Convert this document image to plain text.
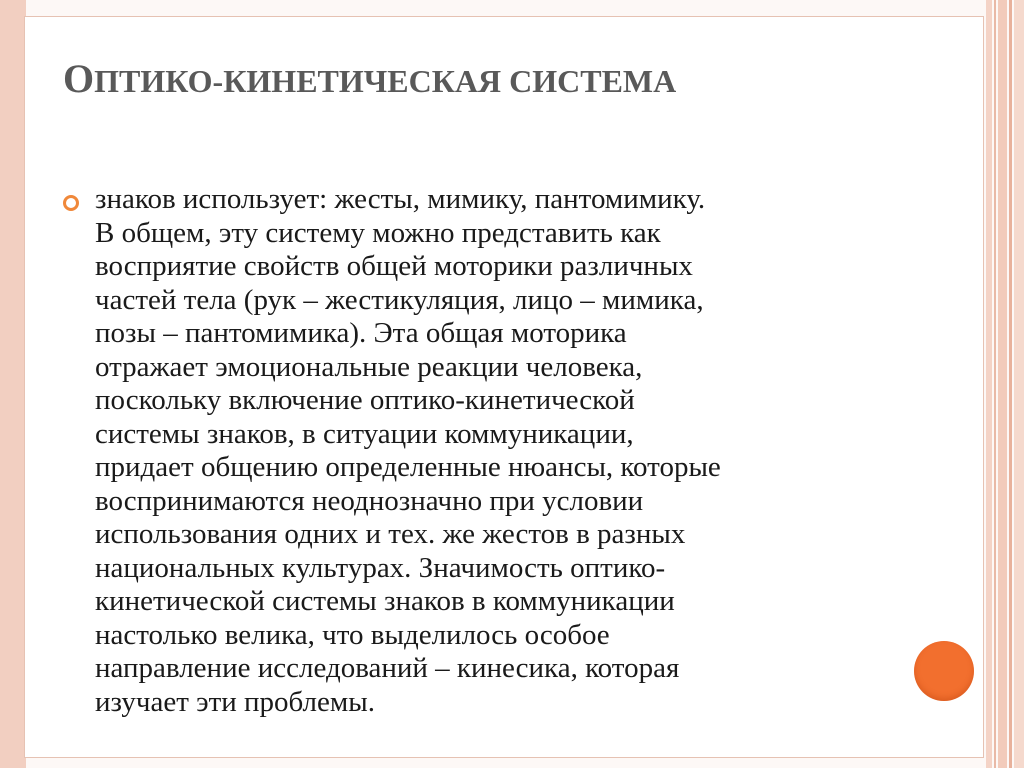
ОПТИКО-КИНЕТИЧЕСКАЯ СИСТЕМА

знаков использует: жесты, мимику, пантомимику.
В общем, эту систему можно представить как
восприятие свойств общей моторики различных
частей тела (рук – жестикуляция, лицо – мимика,
позы – пантомимика). Эта общая моторика
отражает эмоциональные реакции человека,
поскольку включение оптико-кинетической
системы знаков, в ситуации коммуникации,
придает общению определенные нюансы, которые
воспринимаются неоднозначно при условии
использования одних и тех. же жестов в разных
национальных культурах. Значимость оптико-
кинетической системы знаков в коммуникации
настолько велика, что выделилось особое
направление исследований – кинесика, которая
изучает эти проблемы.
